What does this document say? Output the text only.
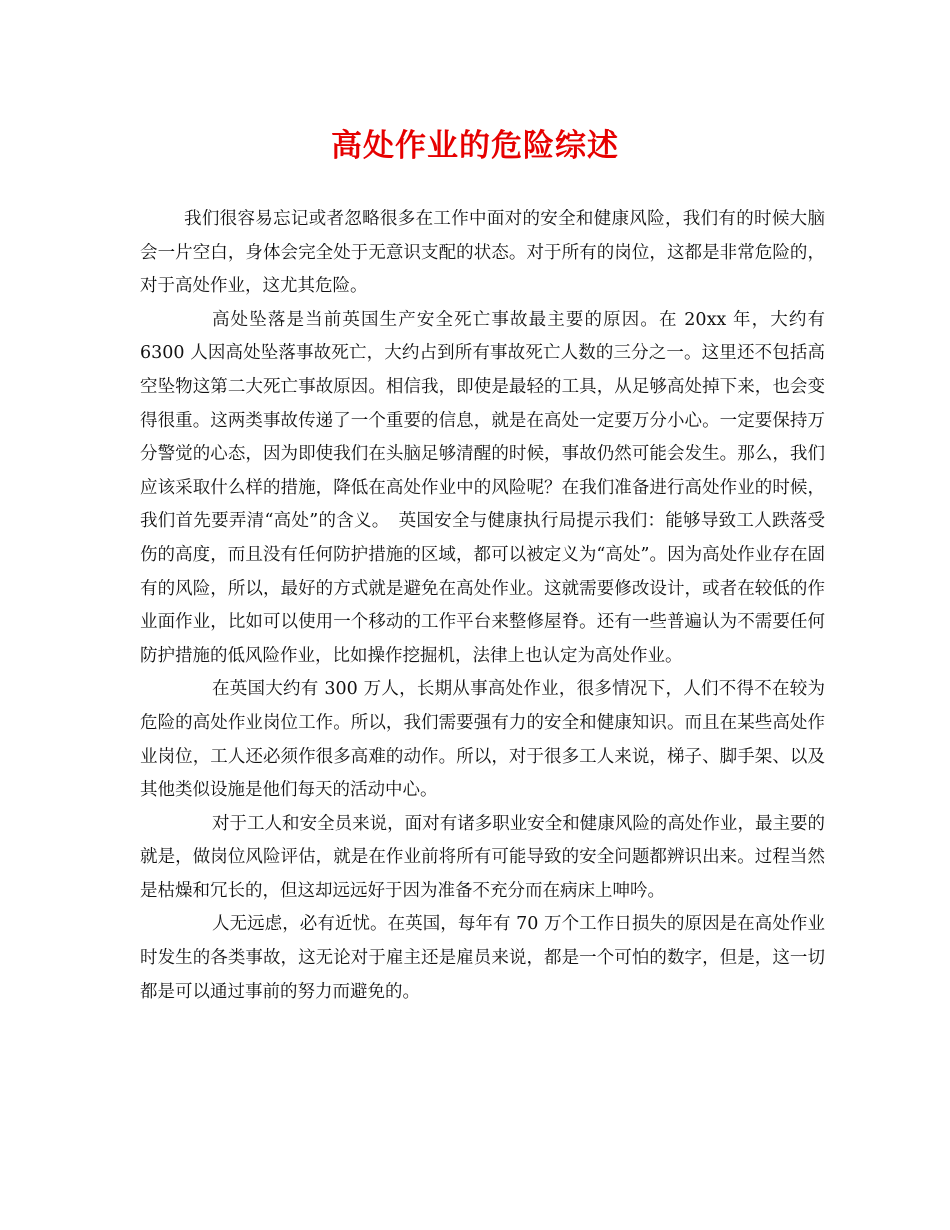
高处作业的危险综述

我们很容易忘记或者忽略很多在工作中面对的安全和健康风险，我们有的时候大脑会一片空白，身体会完全处于无意识支配的状态。对于所有的岗位，这都是非常危险的，对于高处作业，这尤其危险。

高处坠落是当前英国生产安全死亡事故最主要的原因。在 20xx 年，大约有 6300 人因高处坠落事故死亡，大约占到所有事故死亡人数的三分之一。这里还不包括高空坠物这第二大死亡事故原因。相信我，即使是最轻的工具，从足够高处掉下来，也会变得很重。这两类事故传递了一个重要的信息，就是在高处一定要万分小心。一定要保持万分警觉的心态，因为即使我们在头脑足够清醒的时候，事故仍然可能会发生。那么，我们应该采取什么样的措施，降低在高处作业中的风险呢？在我们准备进行高处作业的时候，我们首先要弄清“高处”的含义。　英国安全与健康执行局提示我们：能够导致工人跌落受伤的高度，而且没有任何防护措施的区域，都可以被定义为“高处”。因为高处作业存在固有的风险，所以，最好的方式就是避免在高处作业。这就需要修改设计，或者在较低的作业面作业，比如可以使用一个移动的工作平台来整修屋脊。还有一些普遍认为不需要任何防护措施的低风险作业，比如操作挖掘机，法律上也认定为高处作业。

在英国大约有 300 万人，长期从事高处作业，很多情况下，人们不得不在较为危险的高处作业岗位工作。所以，我们需要强有力的安全和健康知识。而且在某些高处作业岗位，工人还必须作很多高难的动作。所以，对于很多工人来说，梯子、脚手架、以及其他类似设施是他们每天的活动中心。

对于工人和安全员来说，面对有诸多职业安全和健康风险的高处作业，最主要的就是，做岗位风险评估，就是在作业前将所有可能导致的安全问题都辨识出来。过程当然是枯燥和冗长的，但这却远远好于因为准备不充分而在病床上呻吟。

人无远虑，必有近忧。在英国，每年有 70 万个工作日损失的原因是在高处作业时发生的各类事故，这无论对于雇主还是雇员来说，都是一个可怕的数字，但是，这一切都是可以通过事前的努力而避免的。
